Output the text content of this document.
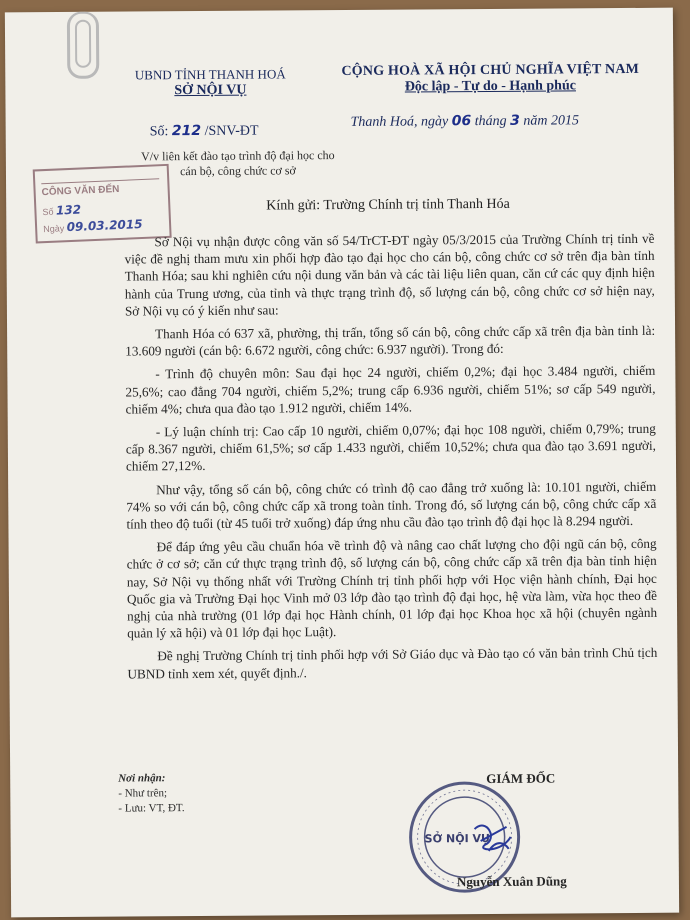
UBND TỈNH THANH HOÁ
SỞ NỘI VỤ
CỘNG HOÀ XÃ HỘI CHỦ NGHĨA VIỆT NAM
Độc lập - Tự do - Hạnh phúc
Số: 212 /SNV-ĐT
Thanh Hoá, ngày 06 tháng 3 năm 2015
V/v liên kết đào tạo trình độ đại học cho cán bộ, công chức cơ sở
CÔNG VĂN ĐẾN
Số 132
Ngày 09.03.2015
Kính gửi: Trường Chính trị tỉnh Thanh Hóa

Sở Nội vụ nhận được công văn số 54/TrCT-ĐT ngày 05/3/2015 của Trường Chính trị tỉnh về việc đề nghị tham mưu xin phối hợp đào tạo đại học cho cán bộ, công chức cơ sở trên địa bàn tỉnh Thanh Hóa; sau khi nghiên cứu nội dung văn bản và các tài liệu liên quan, căn cứ các quy định hiện hành của Trung ương, của tỉnh và thực trạng trình độ, số lượng cán bộ, công chức cơ sở hiện nay, Sở Nội vụ có ý kiến như sau:

Thanh Hóa có 637 xã, phường, thị trấn, tổng số cán bộ, công chức cấp xã trên địa bàn tỉnh là: 13.609 người (cán bộ: 6.672 người, công chức: 6.937 người). Trong đó:

- Trình độ chuyên môn: Sau đại học 24 người, chiếm 0,2%; đại học 3.484 người, chiếm 25,6%; cao đẳng 704 người, chiếm 5,2%; trung cấp 6.936 người, chiếm 51%; sơ cấp 549 người, chiếm 4%; chưa qua đào tạo 1.912 người, chiếm 14%.

- Lý luận chính trị: Cao cấp 10 người, chiếm 0,07%; đại học 108 người, chiếm 0,79%; trung cấp 8.367 người, chiếm 61,5%; sơ cấp 1.433 người, chiếm 10,52%; chưa qua đào tạo 3.691 người, chiếm 27,12%.

Như vậy, tổng số cán bộ, công chức có trình độ cao đẳng trở xuống là: 10.101 người, chiếm 74% so với cán bộ, công chức cấp xã trong toàn tỉnh. Trong đó, số lượng cán bộ, công chức cấp xã tính theo độ tuổi (từ 45 tuổi trở xuống) đáp ứng nhu cầu đào tạo trình độ đại học là 8.294 người.

Để đáp ứng yêu cầu chuẩn hóa về trình độ và nâng cao chất lượng cho đội ngũ cán bộ, công chức ở cơ sở; căn cứ thực trạng trình độ, số lượng cán bộ, công chức cấp xã trên địa bàn tỉnh hiện nay, Sở Nội vụ thống nhất với Trường Chính trị tỉnh phối hợp với Học viện hành chính, Đại học Quốc gia và Trường Đại học Vinh mở 03 lớp đào tạo trình độ đại học, hệ vừa làm, vừa học theo đề nghị của nhà trường (01 lớp đại học Hành chính, 01 lớp đại học Khoa học xã hội (chuyên ngành quản lý xã hội) và 01 lớp đại học Luật).

Đề nghị Trường Chính trị tỉnh phối hợp với Sở Giáo dục và Đào tạo có văn bản trình Chủ tịch UBND tỉnh xem xét, quyết định./.

Nơi nhận:
- Như trên;
- Lưu: VT, ĐT.
SỞ NỘI VỤ
GIÁM ĐỐC
Nguyễn Xuân Dũng
